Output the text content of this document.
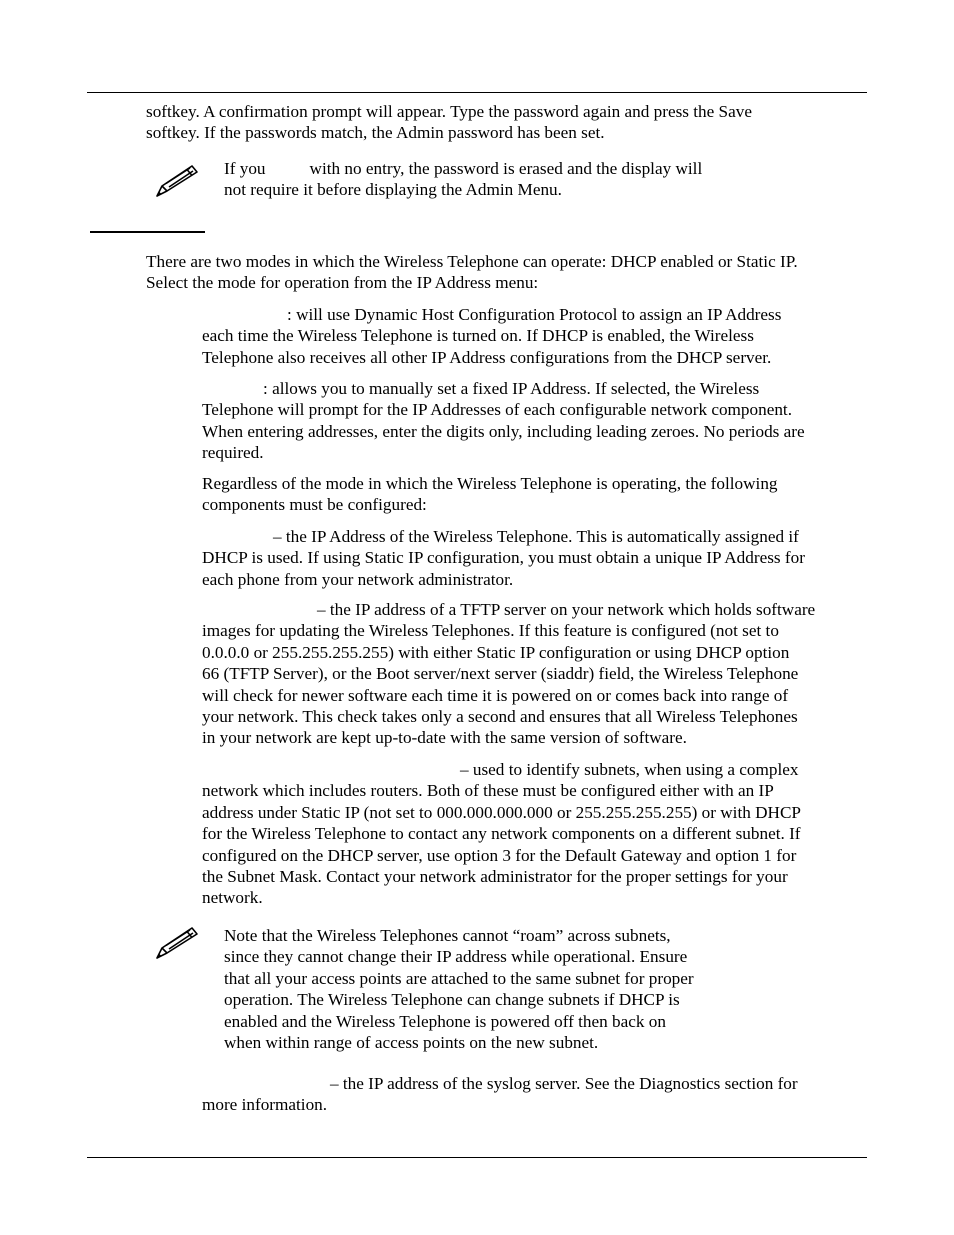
softkey. A confirmation prompt will appear. Type the password again and press the Save
softkey. If the passwords match, the Admin password has been set.
If you	with no entry, the password is erased and the display will
not require it before displaying the Admin Menu.
There are two modes in which the Wireless Telephone can operate: DHCP enabled or Static IP.
Select the mode for operation from the IP Address menu:
: will use Dynamic Host Configuration Protocol to assign an IP Address
each time the Wireless Telephone is turned on. If DHCP is enabled, the Wireless
Telephone also receives all other IP Address configurations from the DHCP server.
: allows you to manually set a fixed IP Address. If selected, the Wireless
Telephone will prompt for the IP Addresses of each configurable network component.
When entering addresses, enter the digits only, including leading zeroes. No periods are
required.
Regardless of the mode in which the Wireless Telephone is operating, the following
components must be configured:
– the IP Address of the Wireless Telephone. This is automatically assigned if
DHCP is used. If using Static IP configuration, you must obtain a unique IP Address for
each phone from your network administrator.
– the IP address of a TFTP server on your network which holds software
images for updating the Wireless Telephones. If this feature is configured (not set to
0.0.0.0 or 255.255.255.255) with either Static IP configuration or using DHCP option
66 (TFTP Server), or the Boot server/next server (siaddr) field, the Wireless Telephone
will check for newer software each time it is powered on or comes back into range of
your network. This check takes only a second and ensures that all Wireless Telephones
in your network are kept up-to-date with the same version of software.
– used to identify subnets, when using a complex
network which includes routers. Both of these must be configured either with an IP
address under Static IP (not set to 000.000.000.000 or 255.255.255.255) or with DHCP
for the Wireless Telephone to contact any network components on a different subnet. If
configured on the DHCP server, use option 3 for the Default Gateway and option 1 for
the Subnet Mask. Contact your network administrator for the proper settings for your
network.
Note that the Wireless Telephones cannot “roam” across subnets,
since they cannot change their IP address while operational. Ensure
that all your access points are attached to the same subnet for proper
operation. The Wireless Telephone can change subnets if DHCP is
enabled and the Wireless Telephone is powered off then back on
when within range of access points on the new subnet.
– the IP address of the syslog server. See the Diagnostics section for
more information.
